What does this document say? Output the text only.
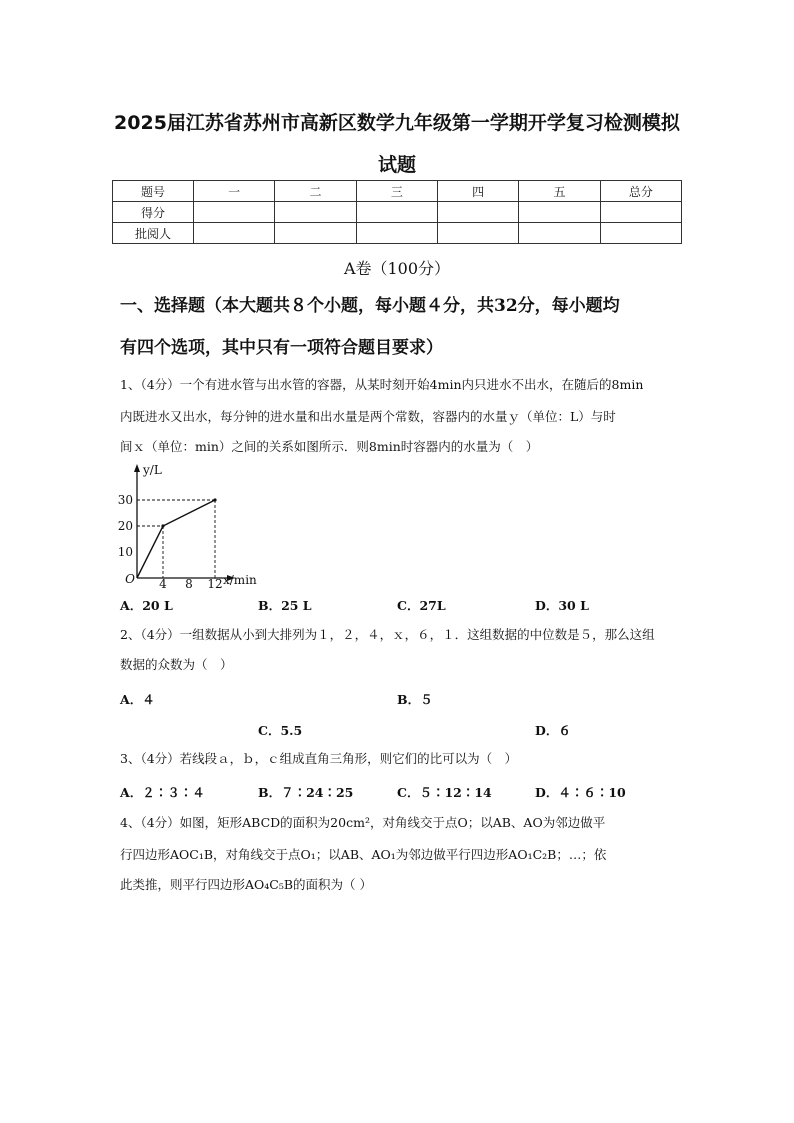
2025届江苏省苏州市高新区数学九年级第一学期开学复习检测模拟
试题
题号	一	二	三	四	五	总分
得分						
批阅人						
A卷（100分）
一、选择题（本大题共８个小题，每小题４分，共32分，每小题均
有四个选项，其中只有一项符合题目要求）
1、（4分）一个有进水管与出水管的容器，从某时刻开始4min内只进水不出水，在随后的8min
内既进水又出水，每分钟的进水量和出水量是两个常数，容器内的水量ｙ（单位：L）与时
间ｘ（单位：min）之间的关系如图所示．则8min时容器内的水量为（　）
y/L
x/min
O
10
20
30
4 8 12
A．20 L	B．25 L	C．27L	D．30 L
2、（4分）一组数据从小到大排列为１，２，４，ｘ，６，１．这组数据的中位数是５，那么这组
数据的众数为（　）
A．４	B．５
C．5.5	D．６
3、（4分）若线段ａ，ｂ，ｃ组成直角三角形，则它们的比可以为（　）
A．２∶３∶４	B．７∶24∶25	C．５∶12∶14	D．４∶６∶10
4、（4分）如图，矩形ABCD的面积为20cm²，对角线交于点O；以AB、AO为邻边做平
行四边形AOC₁B，对角线交于点O₁；以AB、AO₁为邻边做平行四边形AO₁C₂B；…；依
此类推，则平行四边形AO₄C₅B的面积为（ ）
